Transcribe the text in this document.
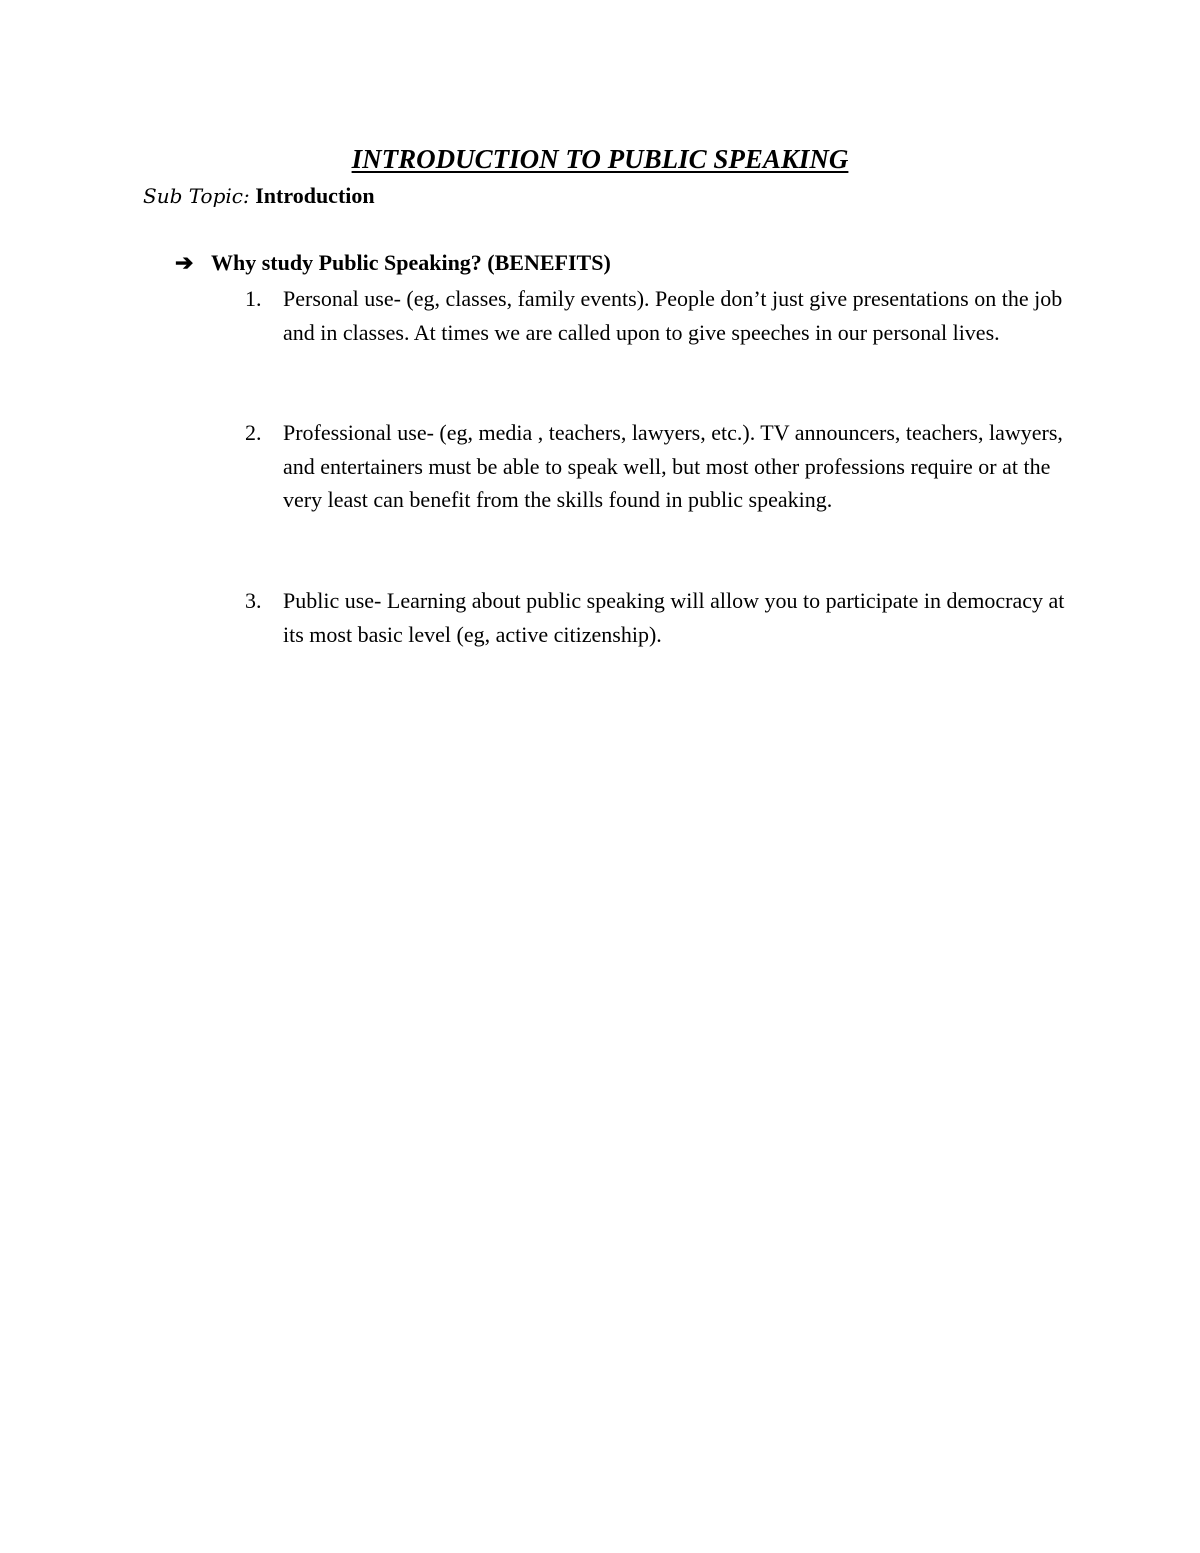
INTRODUCTION TO PUBLIC SPEAKING

Sub Topic: Introduction

➔ Why study Public Speaking? (BENEFITS)

1. Personal use- (eg, classes, family events). People don’t just give presentations on the job and in classes. At times we are called upon to give speeches in our personal lives.
2. Professional use- (eg, media , teachers, lawyers, etc.). TV announcers, teachers, lawyers, and entertainers must be able to speak well, but most other professions require or at the very least can benefit from the skills found in public speaking.
3. Public use- Learning about public speaking will allow you to participate in democracy at its most basic level (eg, active citizenship).
